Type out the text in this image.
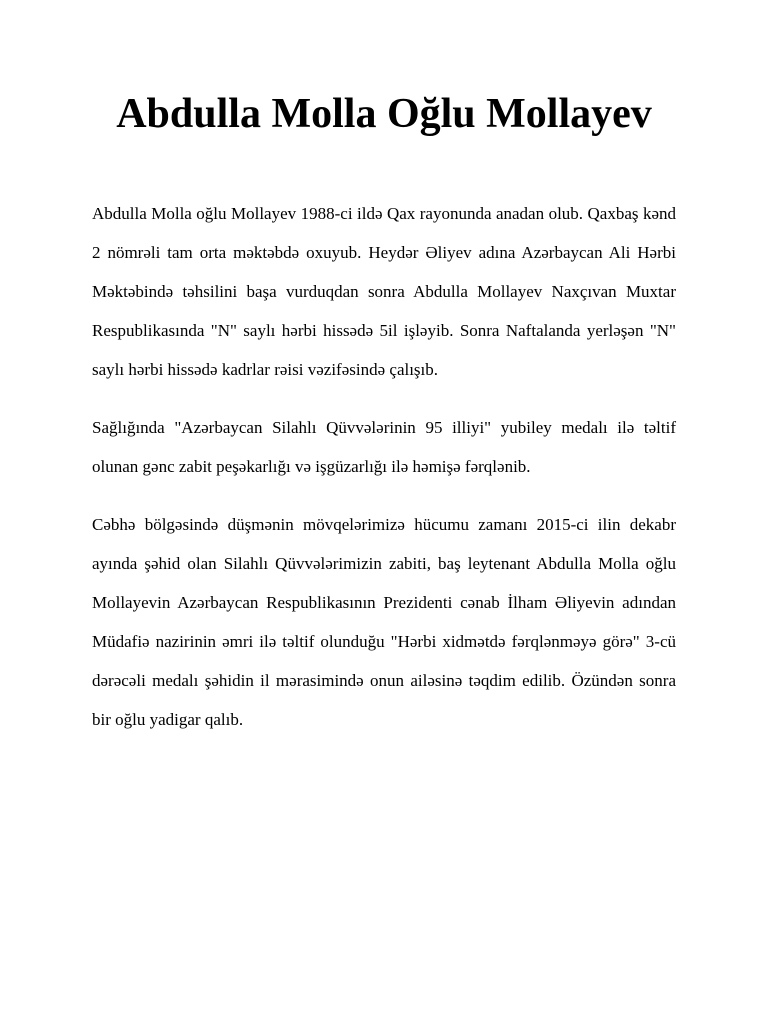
Abdulla Molla Oğlu Mollayev

Abdulla Molla oğlu Mollayev 1988-ci ildə Qax rayonunda anadan olub. Qaxbaş kənd 2 nömrəli tam orta məktəbdə oxuyub. Heydər Əliyev adına Azərbaycan Ali Hərbi Məktəbində təhsilini başa vurduqdan sonra Abdulla Mollayev Naxçıvan Muxtar Respublikasında "N" saylı hərbi hissədə 5il işləyib. Sonra Naftalanda yerləşən "N" saylı hərbi hissədə kadrlar rəisi vəzifəsində çalışıb.

Sağlığında "Azərbaycan Silahlı Qüvvələrinin 95 illiyi" yubiley medalı ilə təltif olunan gənc zabit peşəkarlığı və işgüzarlığı ilə həmişə fərqlənib.

Cəbhə bölgəsində düşmənin mövqelərimizə hücumu zamanı 2015-ci ilin dekabr ayında şəhid olan Silahlı Qüvvələrimizin zabiti, baş leytenant Abdulla Molla oğlu Mollayevin Azərbaycan Respublikasının Prezidenti cənab İlham Əliyevin adından Müdafiə nazirinin əmri ilə təltif olunduğu "Hərbi xidmətdə fərqlənməyə görə" 3-cü dərəcəli medalı şəhidin il mərasimində onun ailəsinə təqdim edilib. Özündən sonra bir oğlu yadigar qalıb.
